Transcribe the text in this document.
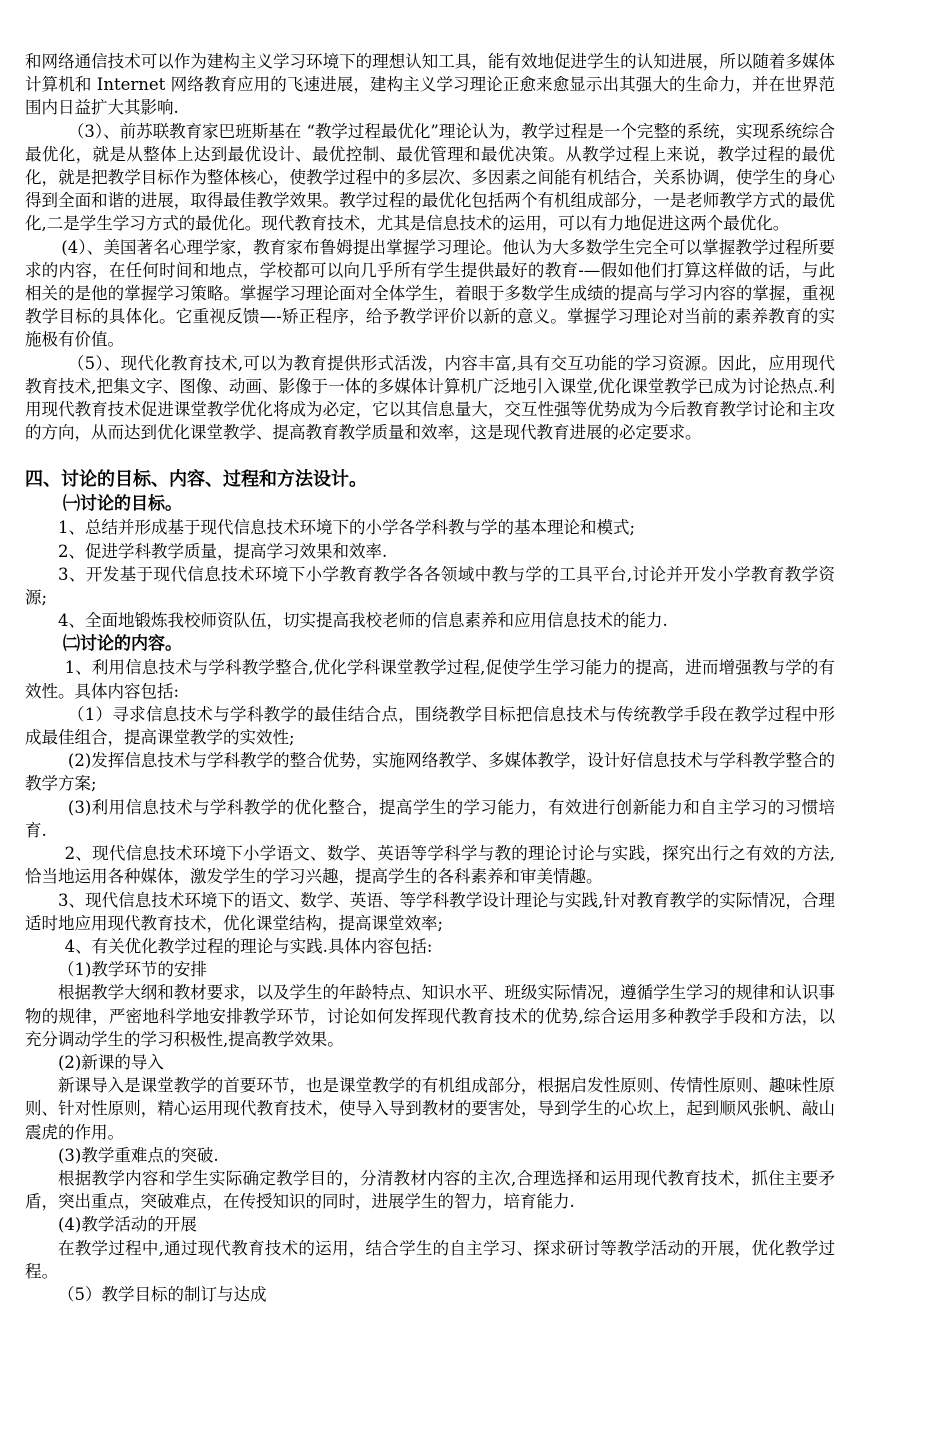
和网络通信技术可以作为建构主义学习环境下的理想认知工具，能有效地促进学生的认知进展，所以随着多媒体计算机和 Internet 网络教育应用的飞速进展，建构主义学习理论正愈来愈显示出其强大的生命力，并在世界范围内日益扩大其影响.

（3）、前苏联教育家巴班斯基在 “教学过程最优化”理论认为，教学过程是一个完整的系统，实现系统综合最优化，就是从整体上达到最优设计、最优控制、最优管理和最优决策。从教学过程上来说，教学过程的最优化，就是把教学目标作为整体核心，使教学过程中的多层次、多因素之间能有机结合，关系协调，使学生的身心得到全面和谐的进展，取得最佳教学效果。教学过程的最优化包括两个有机组成部分，一是老师教学方式的最优化,二是学生学习方式的最优化。现代教育技术，尤其是信息技术的运用，可以有力地促进这两个最优化。

(4）、美国著名心理学家，教育家布鲁姆提出掌握学习理论。他认为大多数学生完全可以掌握教学过程所要求的内容，在任何时间和地点，学校都可以向几乎所有学生提供最好的教育-—假如他们打算这样做的话，与此相关的是他的掌握学习策略。掌握学习理论面对全体学生，着眼于多数学生成绩的提高与学习内容的掌握，重视教学目标的具体化。它重视反馈—-矫正程序，给予教学评价以新的意义。掌握学习理论对当前的素养教育的实施极有价值。

（5）、现代化教育技术,可以为教育提供形式活泼，内容丰富,具有交互功能的学习资源。因此，应用现代教育技术,把集文字、图像、动画、影像于一体的多媒体计算机广泛地引入课堂,优化课堂教学已成为讨论热点.利用现代教育技术促进课堂教学优化将成为必定，它以其信息量大，交互性强等优势成为今后教育教学讨论和主攻的方向，从而达到优化课堂教学、提高教育教学质量和效率，这是现代教育进展的必定要求。

四、讨论的目标、内容、过程和方法设计。

㈠讨论的目标。

1、总结并形成基于现代信息技术环境下的小学各学科教与学的基本理论和模式;

2、促进学科教学质量，提高学习效果和效率.

3、开发基于现代信息技术环境下小学教育教学各各领域中教与学的工具平台,讨论并开发小学教育教学资源;

4、全面地锻炼我校师资队伍，切实提高我校老师的信息素养和应用信息技术的能力.

㈡讨论的内容。

1、利用信息技术与学科教学整合,优化学科课堂教学过程,促使学生学习能力的提高，进而增强教与学的有效性。具体内容包括:

（1）寻求信息技术与学科教学的最佳结合点，围绕教学目标把信息技术与传统教学手段在教学过程中形成最佳组合，提高课堂教学的实效性;

(2)发挥信息技术与学科教学的整合优势，实施网络教学、多媒体教学，设计好信息技术与学科教学整合的教学方案;

(3)利用信息技术与学科教学的优化整合，提高学生的学习能力，有效进行创新能力和自主学习的习惯培育.

2、现代信息技术环境下小学语文、数学、英语等学科学与教的理论讨论与实践，探究出行之有效的方法,恰当地运用各种媒体，激发学生的学习兴趣，提高学生的各科素养和审美情趣。

3、现代信息技术环境下的语文、数学、英语、等学科教学设计理论与实践,针对教育教学的实际情况，合理适时地应用现代教育技术，优化课堂结构，提高课堂效率;

4、有关优化教学过程的理论与实践.具体内容包括:

（1)教学环节的安排

根据教学大纲和教材要求，以及学生的年龄特点、知识水平、班级实际情况，遵循学生学习的规律和认识事物的规律，严密地科学地安排教学环节，讨论如何发挥现代教育技术的优势,综合运用多种教学手段和方法，以充分调动学生的学习积极性,提高教学效果。

(2)新课的导入

新课导入是课堂教学的首要环节，也是课堂教学的有机组成部分，根据启发性原则、传情性原则、趣味性原则、针对性原则，精心运用现代教育技术，使导入导到教材的要害处，导到学生的心坎上，起到顺风张帆、敲山震虎的作用。

(3)教学重难点的突破.

根据教学内容和学生实际确定教学目的，分清教材内容的主次,合理选择和运用现代教育技术，抓住主要矛盾，突出重点，突破难点，在传授知识的同时，进展学生的智力，培育能力.

(4)教学活动的开展

在教学过程中,通过现代教育技术的运用，结合学生的自主学习、探求研讨等教学活动的开展，优化教学过程。

（5）教学目标的制订与达成
